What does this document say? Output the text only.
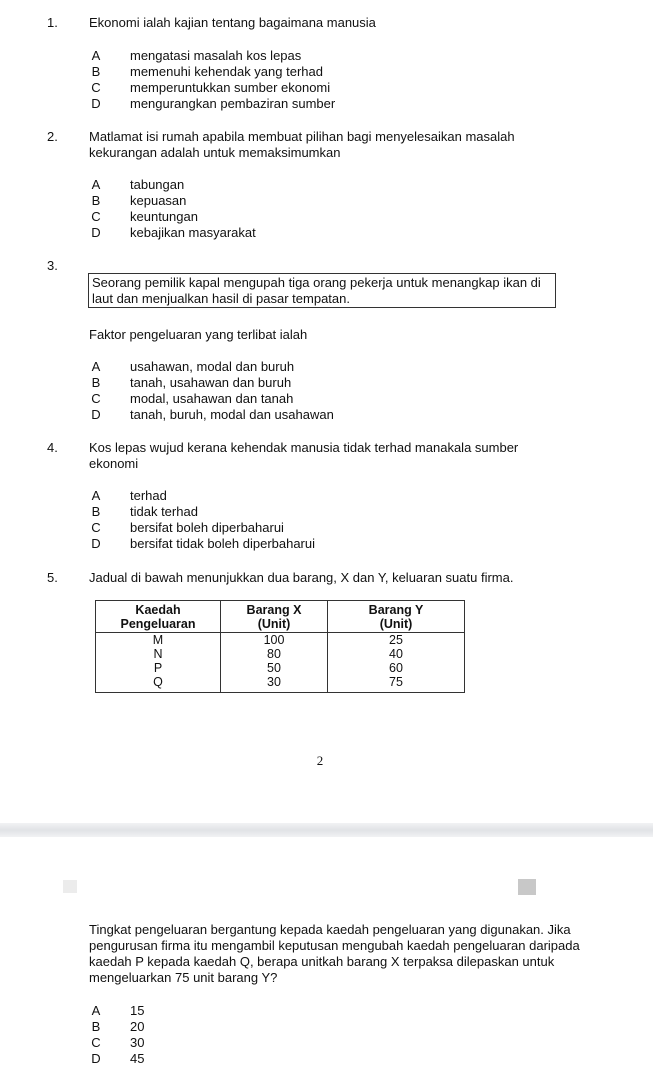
1. Ekonomi ialah kajian tentang bagaimana manusia
A mengatasi masalah kos lepas
B memenuhi kehendak yang terhad
C memperuntukkan sumber ekonomi
D mengurangkan pembaziran sumber
2. Matlamat isi rumah apabila membuat pilihan bagi menyelesaikan masalah kekurangan adalah untuk memaksimumkan
A tabungan
B kepuasan
C keuntungan
D kebajikan masyarakat
3.
Seorang pemilik kapal mengupah tiga orang pekerja untuk menangkap ikan di laut dan menjualkan hasil di pasar tempatan.
Faktor pengeluaran yang terlibat ialah
A usahawan, modal dan buruh
B tanah, usahawan dan buruh
C modal, usahawan dan tanah
D tanah, buruh, modal dan usahawan
4. Kos lepas wujud kerana kehendak manusia tidak terhad manakala sumber ekonomi
A terhad
B tidak terhad
C bersifat boleh diperbaharui
D bersifat tidak boleh diperbaharui
5. Jadual di bawah menunjukkan dua barang, X dan Y, keluaran suatu firma.
Kaedah	Barang X	Barang Y
Pengeluaran	(Unit)	(Unit)
M	100	25
N	80	40
P	50	60
Q	30	75
2
Tingkat pengeluaran bergantung kepada kaedah pengeluaran yang digunakan. Jika pengurusan firma itu mengambil keputusan mengubah kaedah pengeluaran daripada kaedah P kepada kaedah Q, berapa unitkah barang X terpaksa dilepaskan untuk mengeluarkan 75 unit barang Y?
A 15
B 20
C 30
D 45
